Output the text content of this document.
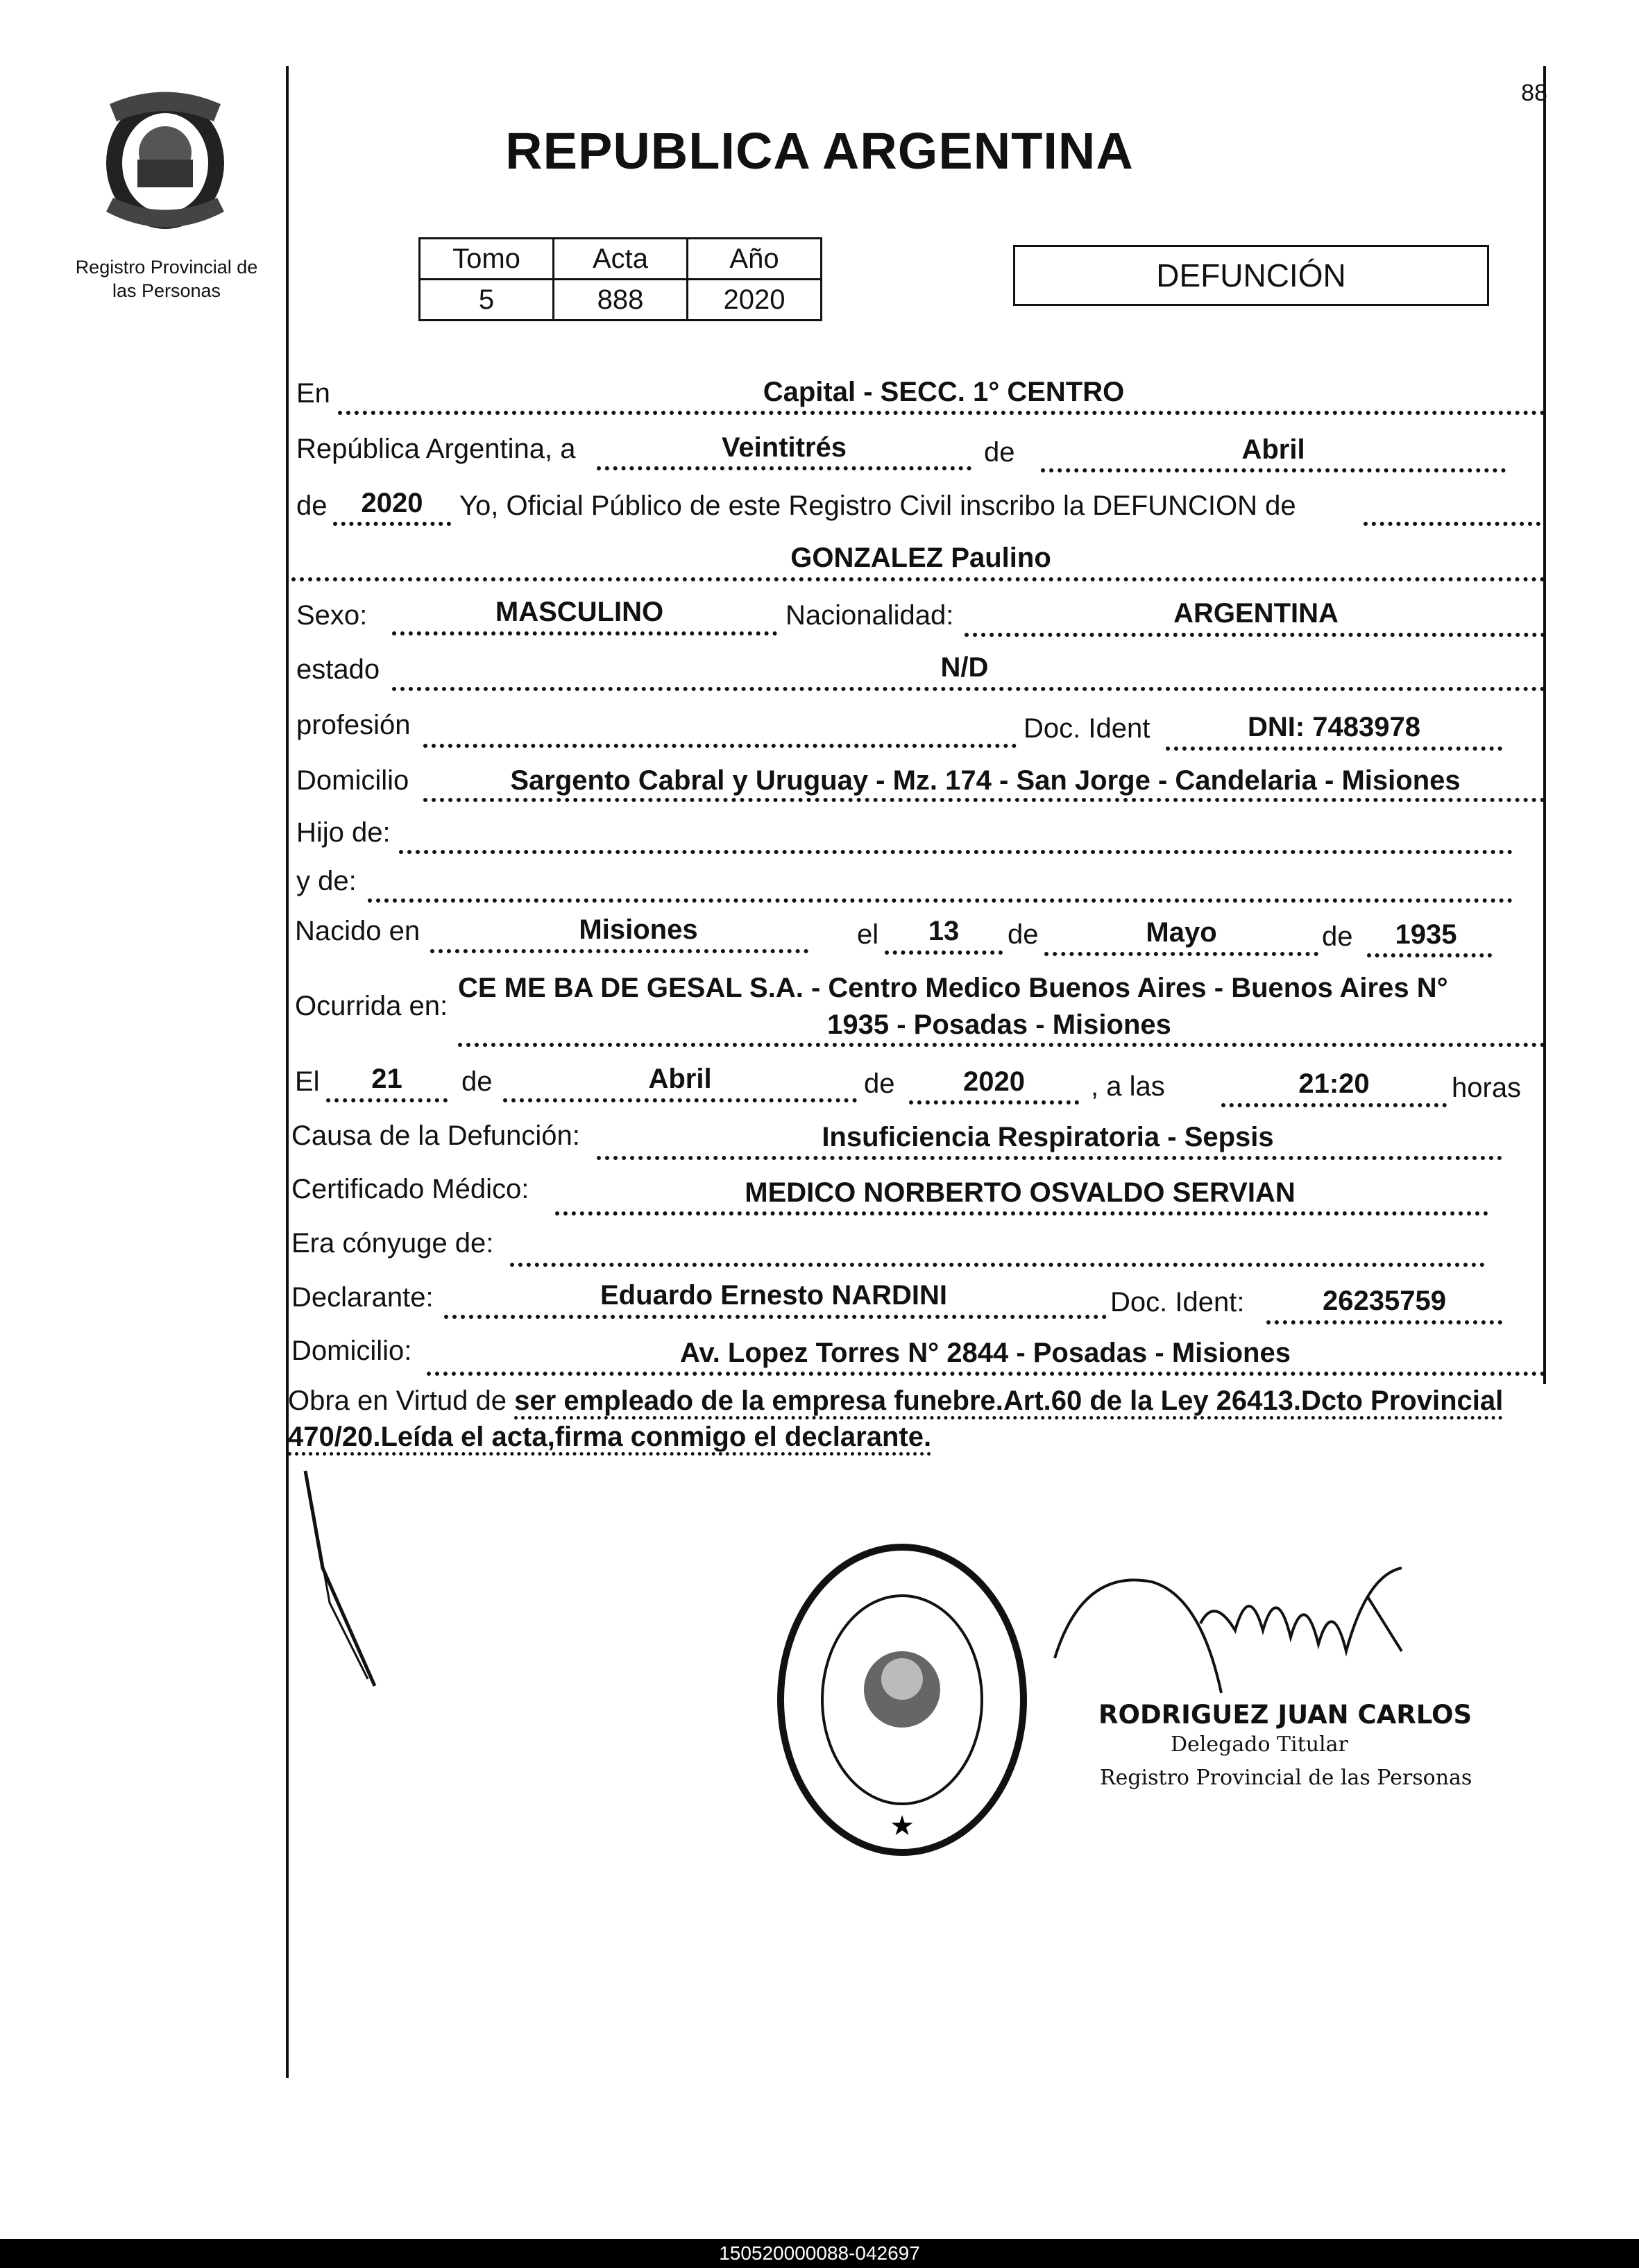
Registro Provincial de
las Personas
88
REPUBLICA ARGENTINA
Tomo	Acta	Año
5	888	2020
DEFUNCIÓN
En	Capital - SECC. 1° CENTRO
República Argentina, a	Veintitrés	de	Abril
de	2020	Yo, Oficial Público de este Registro Civil inscribo la DEFUNCION de
GONZALEZ Paulino
Sexo:	MASCULINO	Nacionalidad:	ARGENTINA
estado	N/D
profesión	Doc. Ident	DNI: 7483978
Domicilio	Sargento Cabral y Uruguay - Mz. 174 - San Jorge - Candelaria - Misiones
Hijo de:
y de:
Nacido en	Misiones	el	13	de	Mayo	de	1935
Ocurrida en:
CE ME BA DE GESAL S.A. - Centro Medico Buenos Aires - Buenos Aires N°
1935 - Posadas - Misiones
El	21	de	Abril	de	2020	, a las	21:20	horas
Causa de la Defunción:	Insuficiencia Respiratoria - Sepsis
Certificado Médico:	MEDICO NORBERTO OSVALDO SERVIAN
Era cónyuge de:
Declarante:	Eduardo Ernesto NARDINI	Doc. Ident:	26235759
Domicilio:	Av. Lopez Torres N° 2844 - Posadas - Misiones
Obra en Virtud de ser empleado de la empresa funebre.Art.60 de la Ley 26413.Dcto Provincial 470/20.Leída el acta,firma conmigo el declarante.
★
RODRIGUEZ JUAN CARLOS
Delegado Titular
Registro Provincial de las Personas
150520000088-042697
